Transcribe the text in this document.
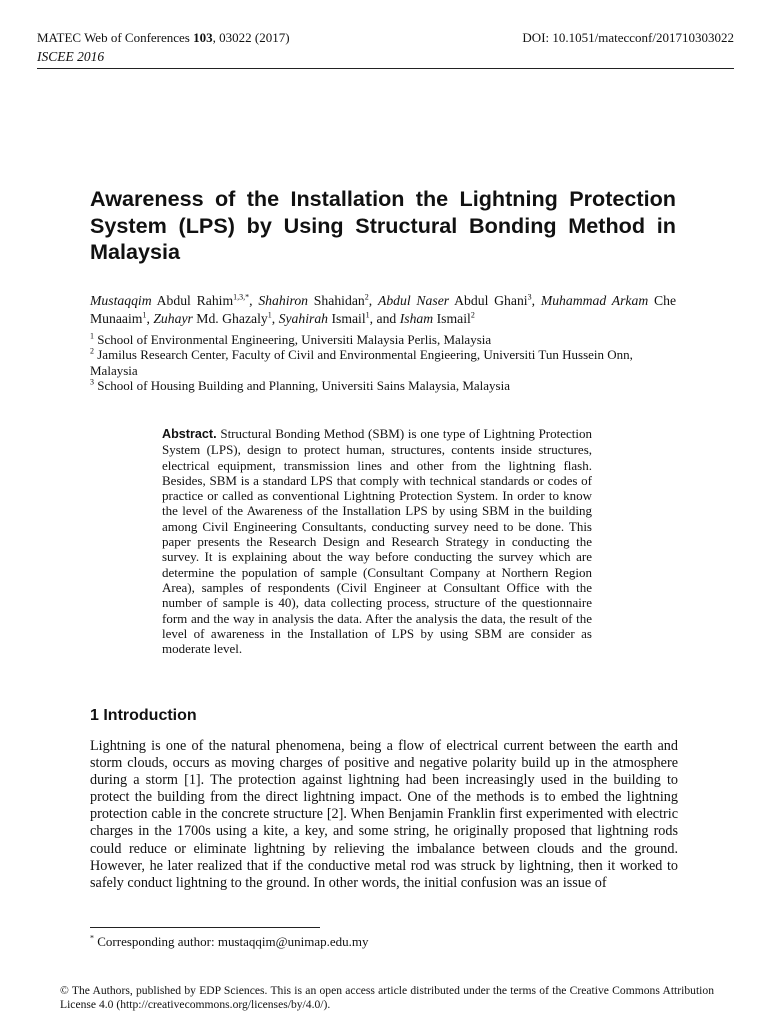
MATEC Web of Conferences 103, 03022 (2017)	DOI: 10.1051/matecconf/201710303022
ISCEE 2016
Awareness of the Installation the Lightning Protection System (LPS) by Using Structural Bonding Method in Malaysia
Mustaqqim Abdul Rahim$^{1,3,*}$, Shahiron Shahidan$^2$, Abdul Naser Abdul Ghani$^3$, Muhammad Arkam Che Munaaim$^1$, Zuhayr Md. Ghazaly$^1$, Syahirah Ismail$^1$, and Isham Ismail$^2$
$^1$ School of Environmental Engineering, Universiti Malaysia Perlis, Malaysia
$^2$ Jamilus Research Center, Faculty of Civil and Environmental Engieering, Universiti Tun Hussein Onn, Malaysia
$^3$ School of Housing Building and Planning, Universiti Sains Malaysia, Malaysia
Abstract. Structural Bonding Method (SBM) is one type of Lightning Protection System (LPS), design to protect human, structures, contents inside structures, electrical equipment, transmission lines and other from the lightning flash. Besides, SBM is a standard LPS that comply with technical standards or codes of practice or called as conventional Lightning Protection System. In order to know the level of the Awareness of the Installation LPS by using SBM in the building among Civil Engineering Consultants, conducting survey need to be done. This paper presents the Research Design and Research Strategy in conducting the survey. It is explaining about the way before conducting the survey which are determine the population of sample (Consultant Company at Northern Region Area), samples of respondents (Civil Engineer at Consultant Office with the number of sample is 40), data collecting process, structure of the questionnaire form and the way in analysis the data. After the analysis the data, the result of the level of awareness in the Installation of LPS by using SBM are consider as moderate level.
1 Introduction
Lightning is one of the natural phenomena, being a flow of electrical current between the earth and storm clouds, occurs as moving charges of positive and negative polarity build up in the atmosphere during a storm [1]. The protection against lightning had been increasingly used in the building to protect the building from the direct lightning impact. One of the methods is to embed the lightning protection cable in the concrete structure [2]. When Benjamin Franklin first experimented with electric charges in the 1700s using a kite, a key, and some string, he originally proposed that lightning rods could reduce or eliminate lightning by relieving the imbalance between clouds and the ground. However, he later realized that if the conductive metal rod was struck by lightning, then it worked to safely conduct lightning to the ground. In other words, the initial confusion was an issue of
* Corresponding author: mustaqqim@unimap.edu.my
© The Authors, published by EDP Sciences. This is an open access article distributed under the terms of the Creative Commons Attribution License 4.0 (http://creativecommons.org/licenses/by/4.0/).
